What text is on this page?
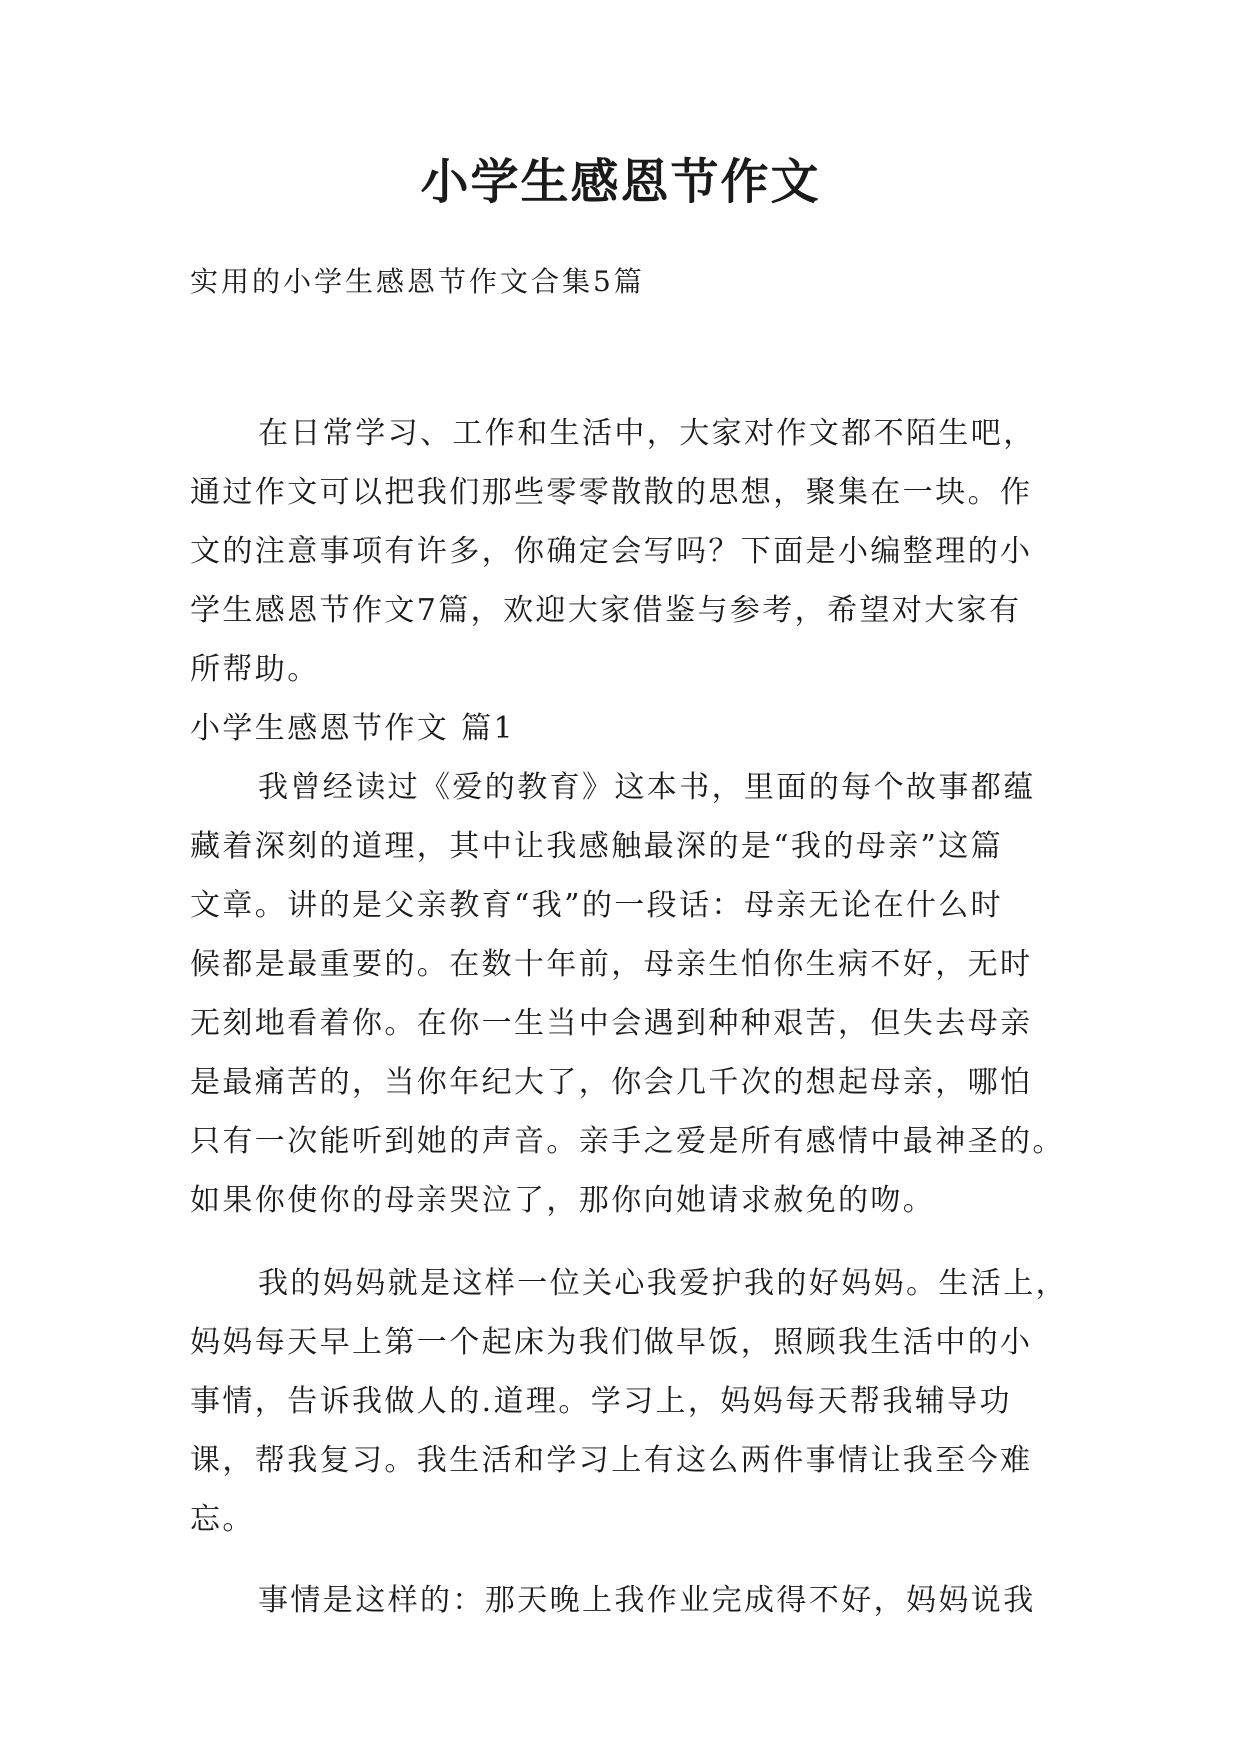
小学生感恩节作文

实用的小学生感恩节作文合集5篇

在日常学习、工作和生活中，大家对作文都不陌生吧，
通过作文可以把我们那些零零散散的思想，聚集在一块。作
文的注意事项有许多，你确定会写吗？下面是小编整理的小
学生感恩节作文7篇，欢迎大家借鉴与参考，希望对大家有
所帮助。
小学生感恩节作文 篇1
我曾经读过《爱的教育》这本书，里面的每个故事都蕴
藏着深刻的道理，其中让我感触最深的是“我的母亲”这篇
文章。讲的是父亲教育“我”的一段话：母亲无论在什么时
候都是最重要的。在数十年前，母亲生怕你生病不好，无时
无刻地看着你。在你一生当中会遇到种种艰苦，但失去母亲
是最痛苦的，当你年纪大了，你会几千次的想起母亲，哪怕
只有一次能听到她的声音。亲手之爱是所有感情中最神圣的。
如果你使你的母亲哭泣了，那你向她请求赦免的吻。
我的妈妈就是这样一位关心我爱护我的好妈妈。生活上，
妈妈每天早上第一个起床为我们做早饭，照顾我生活中的小
事情，告诉我做人的.道理。学习上，妈妈每天帮我辅导功
课，帮我复习。我生活和学习上有这么两件事情让我至今难
忘。
事情是这样的：那天晚上我作业完成得不好，妈妈说我
